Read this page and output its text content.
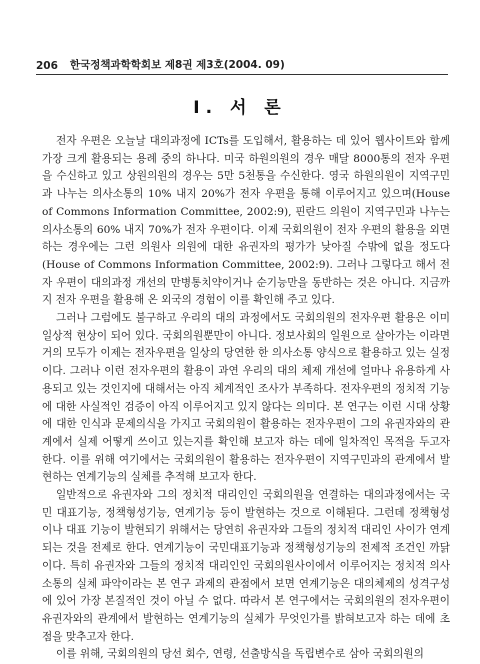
206 한국정책과학학회보 제8권 제3호(2004. 09)
I. 서 론

전자 우편은 오늘날 대의과정에 ICTs를 도입해서, 활용하는 데 있어 웹사이트와 함께 가장 크게 활용되는 용례 중의 하나다. 미국 하원의원의 경우 매달 8000통의 전자 우편을 수신하고 있고 상원의원의 경우는 5만 5천통을 수신한다. 영국 하원의원이 지역구민과 나누는 의사소통의 10% 내지 20%가 전자 우편을 통해 이루어지고 있으며(House of Commons Information Committee, 2002:9), 핀란드 의원이 지역구민과 나누는 의사소통의 60% 내지 70%가 전자 우편이다. 이제 국회의원이 전자 우편의 활용을 외면하는 경우에는 그런 의원사 의원에 대한 유권자의 평가가 낮아질 수밖에 없을 정도다(House of Commons Information Committee, 2002:9). 그러나 그렇다고 해서 전자 우편이 대의과정 개선의 만병통치약이거나 순기능만을 동반하는 것은 아니다. 지금까지 전자 우편을 활용해 온 외국의 경험이 이를 확인해 주고 있다.

그러나 그럼에도 불구하고 우리의 대의 과정에서도 국회의원의 전자우편 활용은 이미 일상적 현상이 되어 있다. 국회의원뿐만이 아니다. 정보사회의 일원으로 살아가는 이라면 거의 모두가 이제는 전자우편을 일상의 당연한 한 의사소통 양식으로 활용하고 있는 실정이다. 그러나 이런 전자우편의 활용이 과연 우리의 대의 체제 개선에 얼마나 유용하게 사용되고 있는 것인지에 대해서는 아직 체계적인 조사가 부족하다. 전자우편의 정치적 기능에 대한 사실적인 검증이 아직 이루어지고 있지 않다는 의미다. 본 연구는 이런 시대 상황에 대한 인식과 문제의식을 가지고 국회의원이 활용하는 전자우편이 그의 유권자와의 관계에서 실제 어떻게 쓰이고 있는지를 확인해 보고자 하는 데에 일차적인 목적을 두고자 한다. 이를 위해 여기에서는 국회의원이 활용하는 전자우편이 지역구민과의 관계에서 발현하는 연계기능의 실체를 추적해 보고자 한다.

일반적으로 유권자와 그의 정치적 대리인인 국회의원을 연결하는 대의과정에서는 국민 대표기능, 정책형성기능, 연계기능 등이 발현하는 것으로 이해된다. 그런데 정책형성이나 대표 기능이 발현되기 위해서는 당연히 유권자와 그들의 정치적 대리인 사이가 연계되는 것을 전제로 한다. 연계기능이 국민대표기능과 정책형성기능의 전제적 조건인 까닭이다. 특히 유권자와 그들의 정치적 대리인인 국회의원사이에서 이루어지는 정치적 의사소통의 실체 파악이라는 본 연구 과제의 관점에서 보면 연계기능은 대의체제의 성격구성에 있어 가장 본질적인 것이 아닐 수 없다. 따라서 본 연구에서는 국회의원의 전자우편이 유권자와의 관계에서 발현하는 연계기능의 실체가 무엇인가를 밝혀보고자 하는 데에 초점을 맞추고자 한다.

이를 위해, 국회의원의 당선 회수, 연령, 선출방식을 독립변수로 삼아 국회의원의
